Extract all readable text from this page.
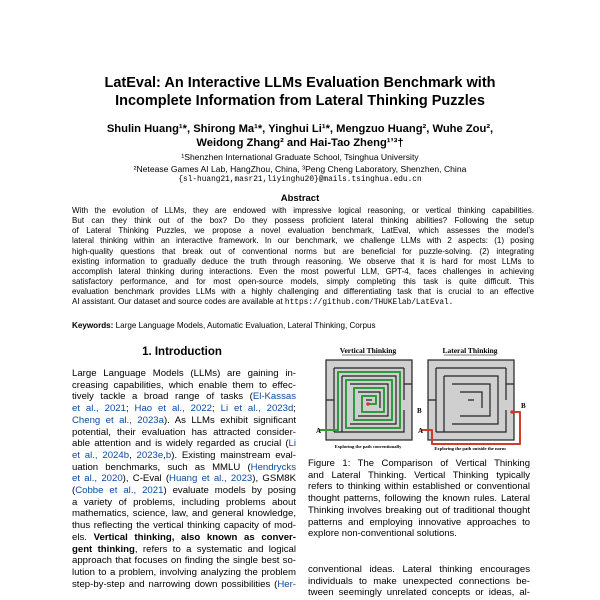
LatEval: An Interactive LLMs Evaluation Benchmark with
Incomplete Information from Lateral Thinking Puzzles
Shulin Huang¹*, Shirong Ma¹*, Yinghui Li¹*, Mengzuo Huang², Wuhe Zou²,
Weidong Zhang² and Hai-Tao Zheng¹ʼ³†
¹Shenzhen International Graduate School, Tsinghua University
²Netease Games AI Lab, HangZhou, China, ³Peng Cheng Laboratory, Shenzhen, China
{sl-huang21,masr21,liyinghu20}@mails.tsinghua.edu.cn
Abstract
With the evolution of LLMs, they are endowed with impressive logical reasoning, or vertical thinking capabilities.
But can they think out of the box? Do they possess proficient lateral thinking abilities? Following the setup
of Lateral Thinking Puzzles, we propose a novel evaluation benchmark, LatEval, which assesses the model’s
lateral thinking within an interactive framework. In our benchmark, we challenge LLMs with 2 aspects: (1) posing
high-quality questions that break out of conventional norms but are beneficial for puzzle-solving. (2) integrating
existing information to gradually deduce the truth through reasoning. We observe that it is hard for most LLMs to
accomplish lateral thinking during interactions. Even the most powerful LLM, GPT-4, faces challenges in achieving
satisfactory performance, and for most open-source models, simply completing this task is quite difficult. This
evaluation benchmark provides LLMs with a highly challenging and differentiating task that is crucial to an effective
AI assistant. Our dataset and source codes are available at https://github.com/THUKElab/LatEval.
Keywords: Large Language Models, Automatic Evaluation, Lateral Thinking, Corpus
1. Introduction
Large Language Models (LLMs) are gaining in-
creasing capabilities, which enable them to effec-
tively tackle a broad range of tasks (El-Kassas
et al., 2021; Hao et al., 2022; Li et al., 2023d;
Cheng et al., 2023a). As LLMs exhibit significant
potential, their evaluation has attracted consider-
able attention and is widely regarded as crucial (Li
et al., 2024b, 2023e,b). Existing mainstream eval-
uation benchmarks, such as MMLU (Hendrycks
et al., 2020), C-Eval (Huang et al., 2023), GSM8K
(Cobbe et al., 2021) evaluate models by posing
a variety of problems, including problems about
mathematics, science, law, and general knowledge,
thus reflecting the vertical thinking capacity of mod-
els. Vertical thinking, also known as conver-
gent thinking, refers to a systematic and logical
approach that focuses on finding the single best so-
lution to a problem, involving analyzing the problem
step-by-step and narrowing down possibilities (Her-
Vertical Thinking	Lateral Thinking
A
B
Exploring the path conventionally
A
B
Exploring the path outside the norm
Figure 1: The Comparison of Vertical Thinking
and Lateral Thinking. Vertical Thinking typically
refers to thinking within established or conventional
thought patterns, following the known rules. Lateral
Thinking involves breaking out of traditional thought
patterns and employing innovative approaches to
explore non-conventional solutions.
conventional ideas. Lateral thinking encourages
individuals to make unexpected connections be-
tween seemingly unrelated concepts or ideas, al-
